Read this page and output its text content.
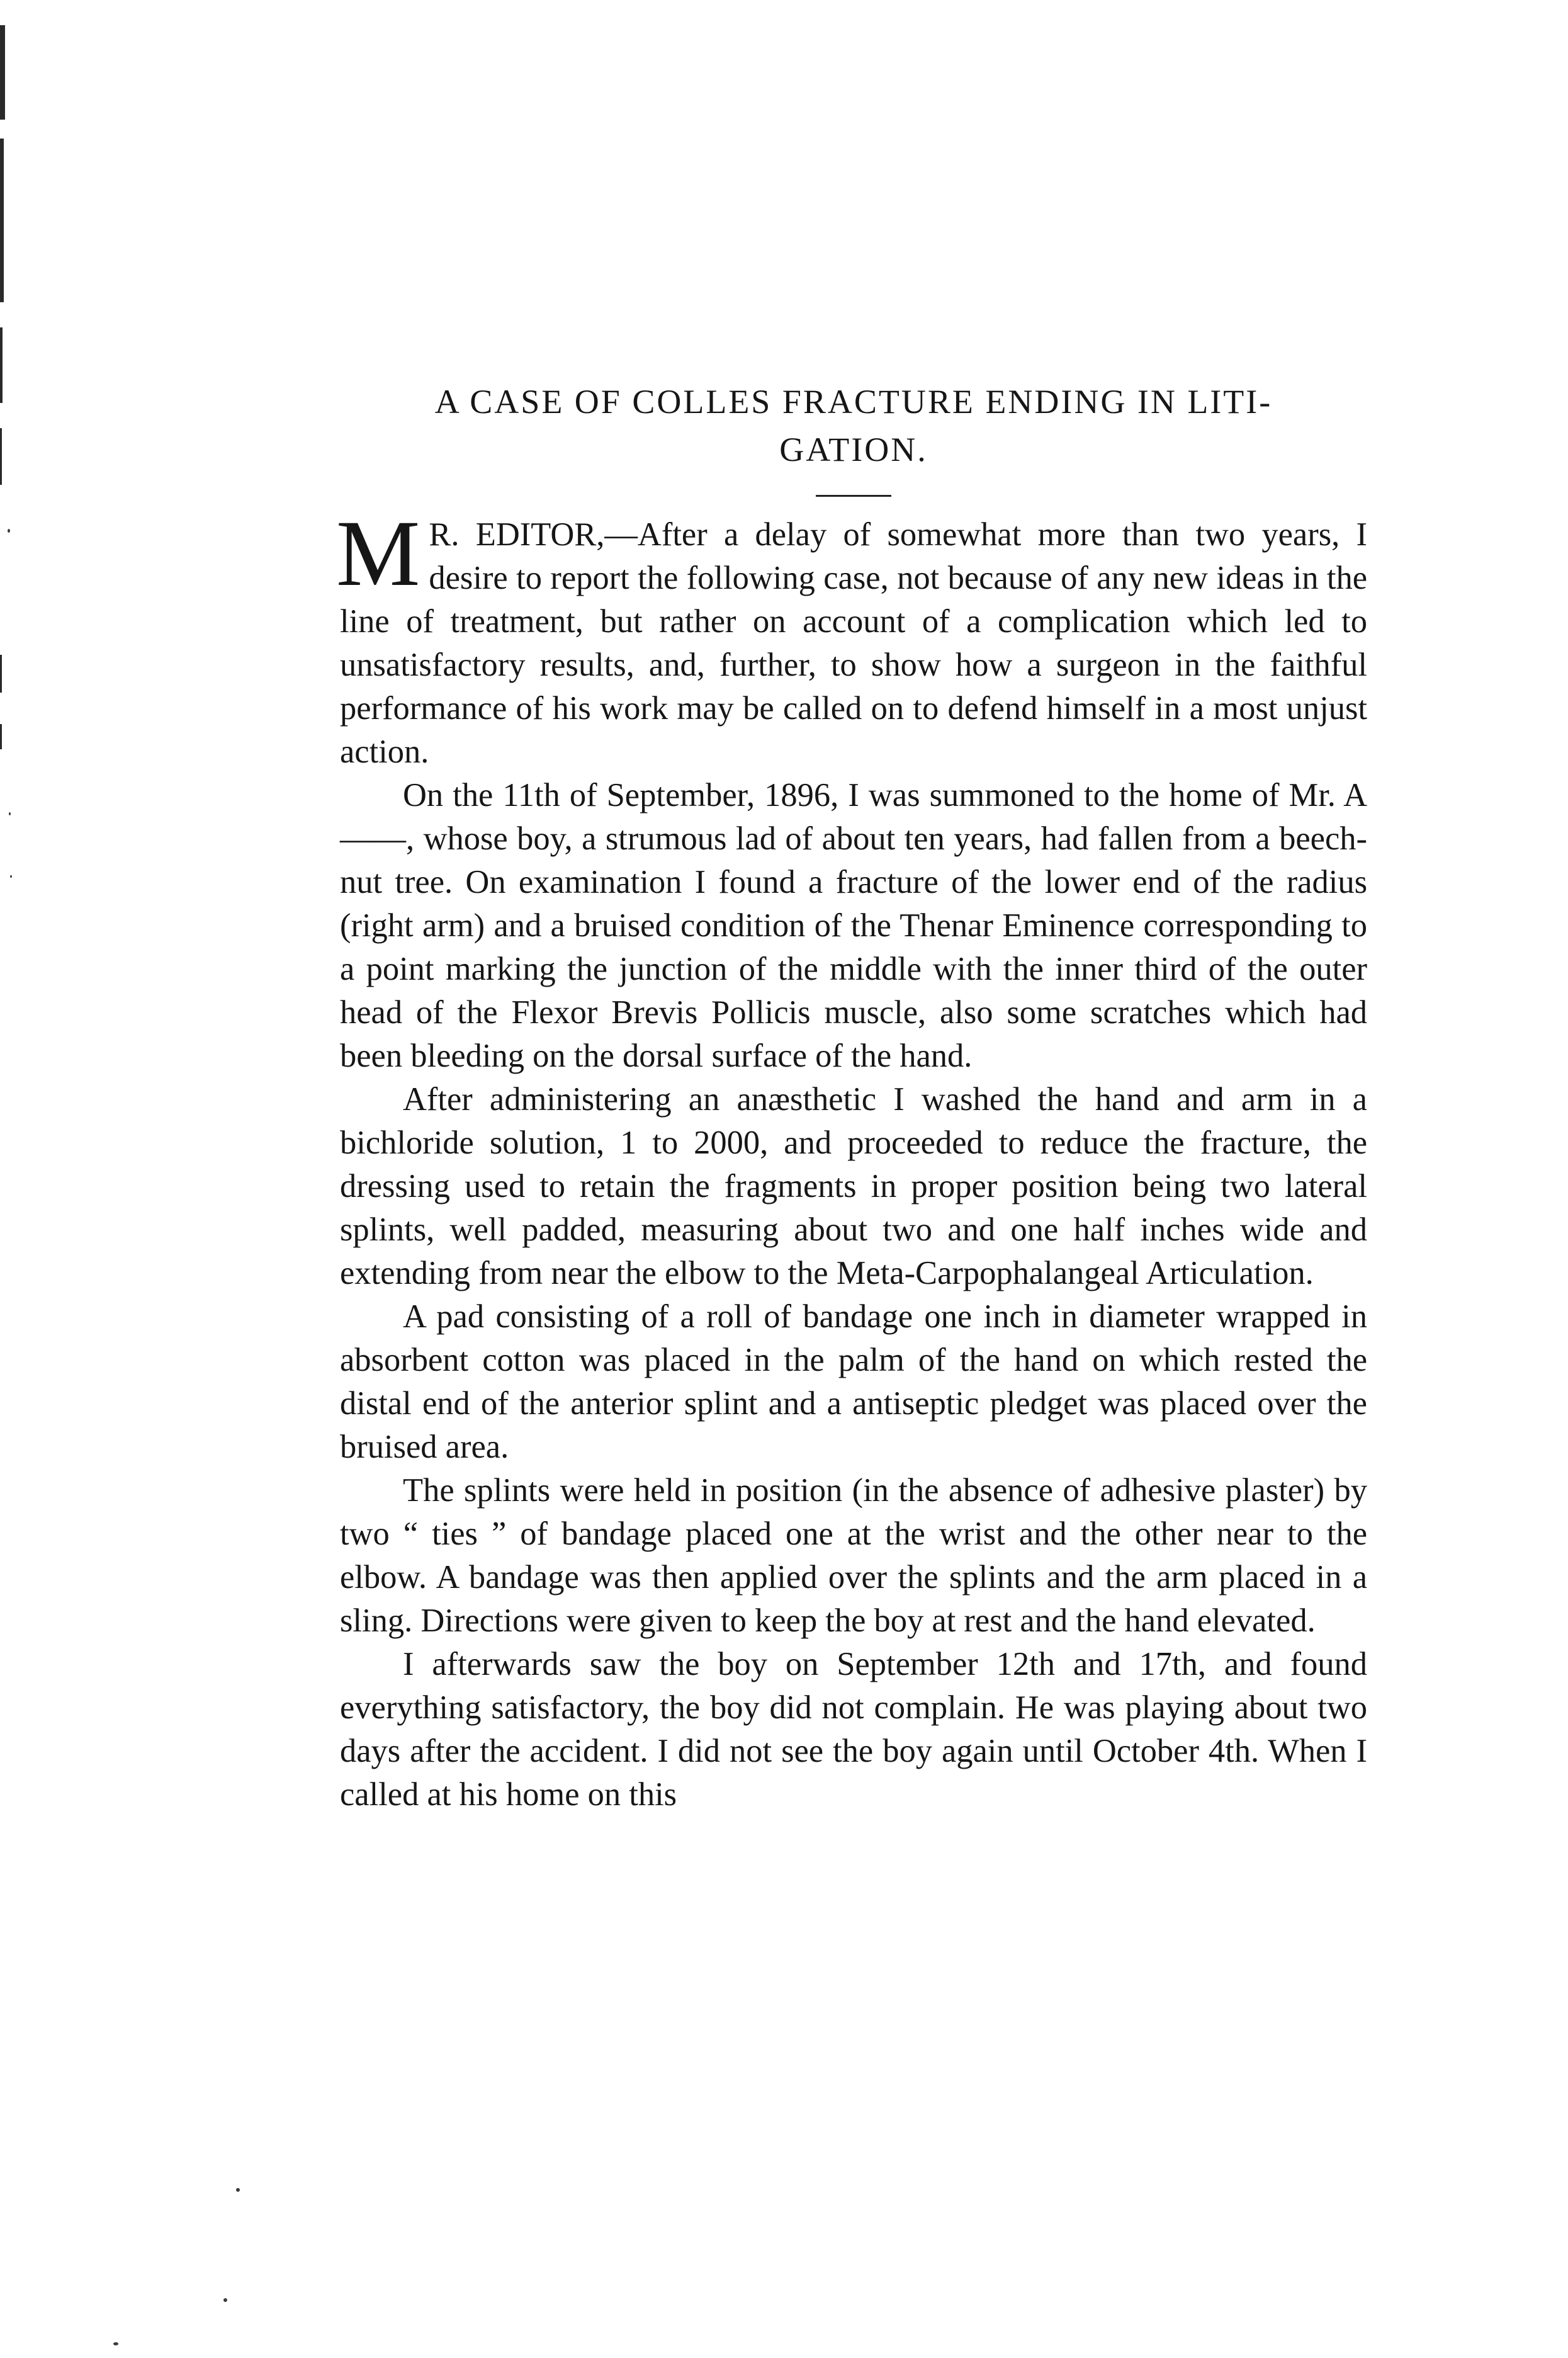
A CASE OF COLLES FRACTURE ENDING IN LITI-
GATION.

M R. EDITOR,—After a delay of somewhat more than two years, I desire to report the following case, not because of any new ideas in the line of treatment, but rather on account of a complication which led to unsatisfactory results, and, further, to show how a surgeon in the faithful performance of his work may be called on to defend himself in a most unjust action.

On the 11th of September, 1896, I was summoned to the home of Mr. A——, whose boy, a strumous lad of about ten years, had fallen from a beech-nut tree. On examination I found a fracture of the lower end of the radius (right arm) and a bruised condition of the Thenar Eminence corresponding to a point marking the junction of the middle with the inner third of the outer head of the Flexor Brevis Pollicis muscle, also some scratches which had been bleeding on the dorsal surface of the hand.

After administering an anæsthetic I washed the hand and arm in a bichloride solution, 1 to 2000, and proceeded to reduce the fracture, the dressing used to retain the fragments in proper position being two lateral splints, well padded, measuring about two and one half inches wide and extending from near the elbow to the Meta-Carpophalangeal Articulation.

A pad consisting of a roll of bandage one inch in diameter wrapped in absorbent cotton was placed in the palm of the hand on which rested the distal end of the anterior splint and a antiseptic pledget was placed over the bruised area.

The splints were held in position (in the absence of adhesive plaster) by two “ ties ” of bandage placed one at the wrist and the other near to the elbow. A bandage was then applied over the splints and the arm placed in a sling. Directions were given to keep the boy at rest and the hand elevated.

I afterwards saw the boy on September 12th and 17th, and found everything satisfactory, the boy did not complain. He was playing about two days after the accident. I did not see the boy again until October 4th. When I called at his home on this
